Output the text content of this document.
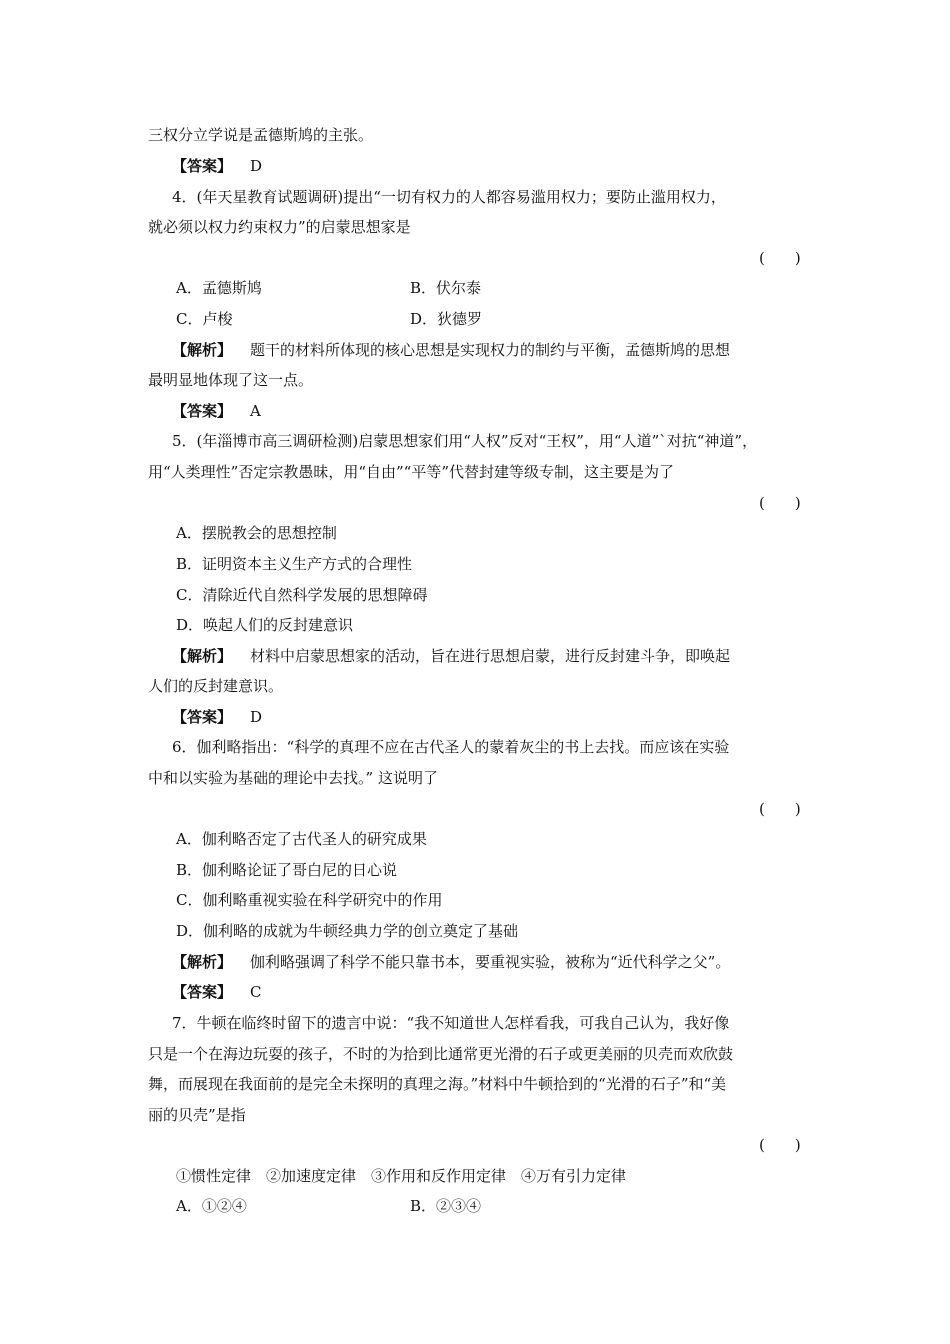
三权分立学说是孟德斯鸠的主张。
【答案】 D
4．(年天星教育试题调研)提出“一切有权力的人都容易滥用权力；要防止滥用权力，
就必须以权力约束权力”的启蒙思想家是
(　　)
A．孟德斯鸠	B．伏尔泰
C．卢梭	D．狄德罗
【解析】 题干的材料所体现的核心思想是实现权力的制约与平衡，孟德斯鸠的思想
最明显地体现了这一点。
【答案】 A
5．(年淄博市高三调研检测)启蒙思想家们用“人权”反对“王权”，用“人道”`对抗“神道”，
用“人类理性”否定宗教愚昧，用“自由”“平等”代替封建等级专制，这主要是为了
(　　)
A．摆脱教会的思想控制
B．证明资本主义生产方式的合理性
C．清除近代自然科学发展的思想障碍
D．唤起人们的反封建意识
【解析】 材料中启蒙思想家的活动，旨在进行思想启蒙，进行反封建斗争，即唤起
人们的反封建意识。
【答案】 D
6．伽利略指出：“科学的真理不应在古代圣人的蒙着灰尘的书上去找。而应该在实验
中和以实验为基础的理论中去找。” 这说明了
(　　)
A．伽利略否定了古代圣人的研究成果
B．伽利略论证了哥白尼的日心说
C．伽利略重视实验在科学研究中的作用
D．伽利略的成就为牛顿经典力学的创立奠定了基础
【解析】 伽利略强调了科学不能只靠书本，要重视实验，被称为“近代科学之父”。
【答案】 C
7．牛顿在临终时留下的遗言中说：“我不知道世人怎样看我，可我自己认为，我好像
只是一个在海边玩耍的孩子，不时的为拾到比通常更光滑的石子或更美丽的贝壳而欢欣鼓
舞，而展现在我面前的是完全未探明的真理之海。”材料中牛顿拾到的“光滑的石子”和“美
丽的贝壳”是指
(　　)
①惯性定律　②加速度定律　③作用和反作用定律　④万有引力定律
A．①②④	B．②③④
